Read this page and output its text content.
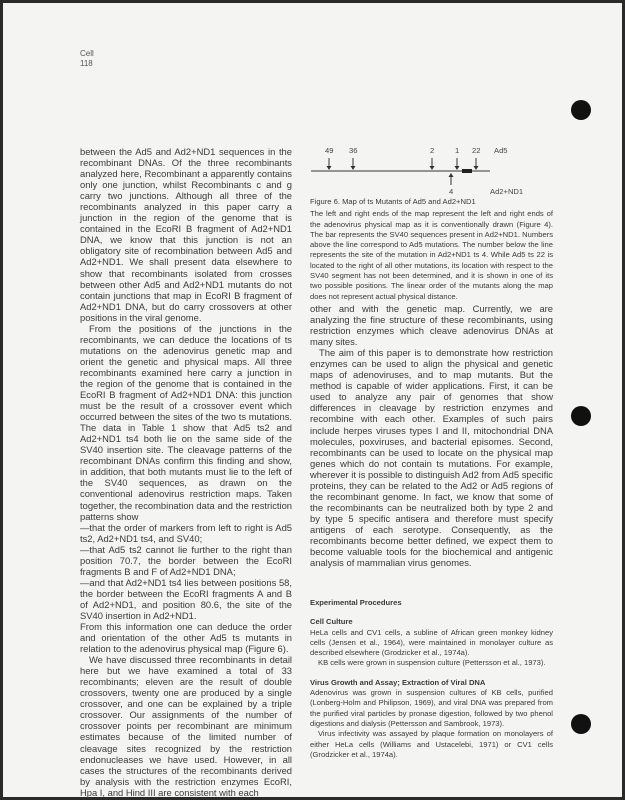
Cell
118

between the Ad5 and Ad2+ND1 sequences in the recombinant DNAs. Of the three recombinants analyzed here, Recombinant a apparently contains only one junction, whilst Recombinants c and g carry two junctions. Although all three of the recombinants analyzed in this paper carry a junction in the region of the genome that is contained in the EcoRI B fragment of Ad2+ND1 DNA, we know that this junction is not an obligatory site of recombination between Ad5 and Ad2+ND1. We shall present data elsewhere to show that recombinants isolated from crosses between other Ad5 and Ad2+ND1 mutants do not contain junctions that map in EcoRI B fragment of Ad2+ND1 DNA, but do carry crossovers at other positions in the viral genome.

From the positions of the junctions in the recombinants, we can deduce the locations of ts mutations on the adenovirus genetic map and orient the genetic and physical maps. All three recombinants examined here carry a junction in the region of the genome that is contained in the EcoRI B fragment of Ad2+ND1 DNA: this junction must be the result of a crossover event which occurred between the sites of the two ts mutations. The data in Table 1 show that Ad5 ts2 and Ad2+ND1 ts4 both lie on the same side of the SV40 insertion site. The cleavage patterns of the recombinant DNAs confirm this finding and show, in addition, that both mutants must lie to the left of the SV40 sequences, as drawn on the conventional adenovirus restriction maps. Taken together, the recombination data and the restriction patterns show

—that the order of markers from left to right is Ad5 ts2, Ad2+ND1 ts4, and SV40;

—that Ad5 ts2 cannot lie further to the right than position 70.7, the border between the EcoRI fragments B and F of Ad2+ND1 DNA;

—and that Ad2+ND1 ts4 lies between positions 58, the border between the EcoRI fragments A and B of Ad2+ND1, and position 80.6, the site of the SV40 insertion in Ad2+ND1.

From this information one can deduce the order and orientation of the other Ad5 ts mutants in relation to the adenovirus physical map (Figure 6).

We have discussed three recombinants in detail here but we have examined a total of 33 recombinants; eleven are the result of double crossovers, twenty one are produced by a single crossover, and one can be explained by a triple crossover. Our assignments of the number of crossover points per recombinant are minimum estimates because of the limited number of cleavage sites recognized by the restriction endonucleases we have used. However, in all cases the structures of the recombinants derived by analysis with the restriction enzymes EcoRI, Hpa I, and Hind III are consistent with each

49 36	2	1 22 Ad5
4	Ad2+ND1
Figure 6. Map of ts Mutants of Ad5 and Ad2+ND1
The left and right ends of the map represent the left and right ends of the adenovirus physical map as it is conventionally drawn (Figure 4). The bar represents the SV40 sequences present in Ad2+ND1. Numbers above the line correspond to Ad5 mutations. The number below the line represents the site of the mutation in Ad2+ND1 ts 4. While Ad5 ts 22 is located to the right of all other mutations, its location with respect to the SV40 segment has not been determined, and it is shown in one of its two possible positions. The linear order of the mutants along the map does not represent actual physical distance.

other and with the genetic map. Currently, we are analyzing the fine structure of these recombinants, using restriction enzymes which cleave adenovirus DNAs at many sites.

The aim of this paper is to demonstrate how restriction enzymes can be used to align the physical and genetic maps of adenoviruses, and to map mutants. But the method is capable of wider applications. First, it can be used to analyze any pair of genomes that show differences in cleavage by restriction enzymes and recombine with each other. Examples of such pairs include herpes viruses types I and II, mitochondrial DNA molecules, poxviruses, and bacterial episomes. Second, recombinants can be used to locate on the physical map genes which do not contain ts mutations. For example, wherever it is possible to distinguish Ad2 from Ad5 specific proteins, they can be related to the Ad2 or Ad5 regions of the recombinant genome. In fact, we know that some of the recombinants can be neutralized both by type 2 and by type 5 specific antisera and therefore must specify antigens of each serotype. Consequently, as the recombinants become better defined, we expect them to become valuable tools for the biochemical and antigenic analysis of mammalian virus genomes.

Experimental Procedures
Cell Culture

HeLa cells and CV1 cells, a subline of African green monkey kidney cells (Jensen et al., 1964), were maintained in monolayer culture as described elsewhere (Grodzicker et al., 1974a).

KB cells were grown in suspension culture (Pettersson et al., 1973).

Virus Growth and Assay; Extraction of Viral DNA

Adenovirus was grown in suspension cultures of KB cells, purified (Lonberg-Holm and Philipson, 1969), and viral DNA was prepared from the purified viral particles by pronase digestion, followed by two phenol digestions and dialysis (Pettersson and Sambrook, 1973).

Virus infectivity was assayed by plaque formation on monolayers of either HeLa cells (Williams and Ustacelebi, 1971) or CV1 cells (Grodzicker et al., 1974a).
